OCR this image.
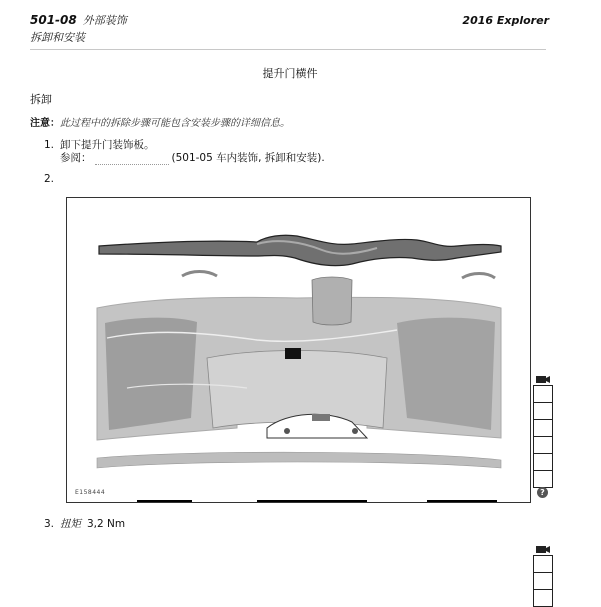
501-08 外部装饰
拆卸和安装
2016 Explorer
提升门横件
拆卸
注意：此过程中的拆除步骤可能包含安装步骤的详细信息。
1. 卸下提升门装饰板。
参阅：	(501-05 车内装饰, 拆卸和安装).
2.
E158444
3. 扭矩 3,2 Nm
?
